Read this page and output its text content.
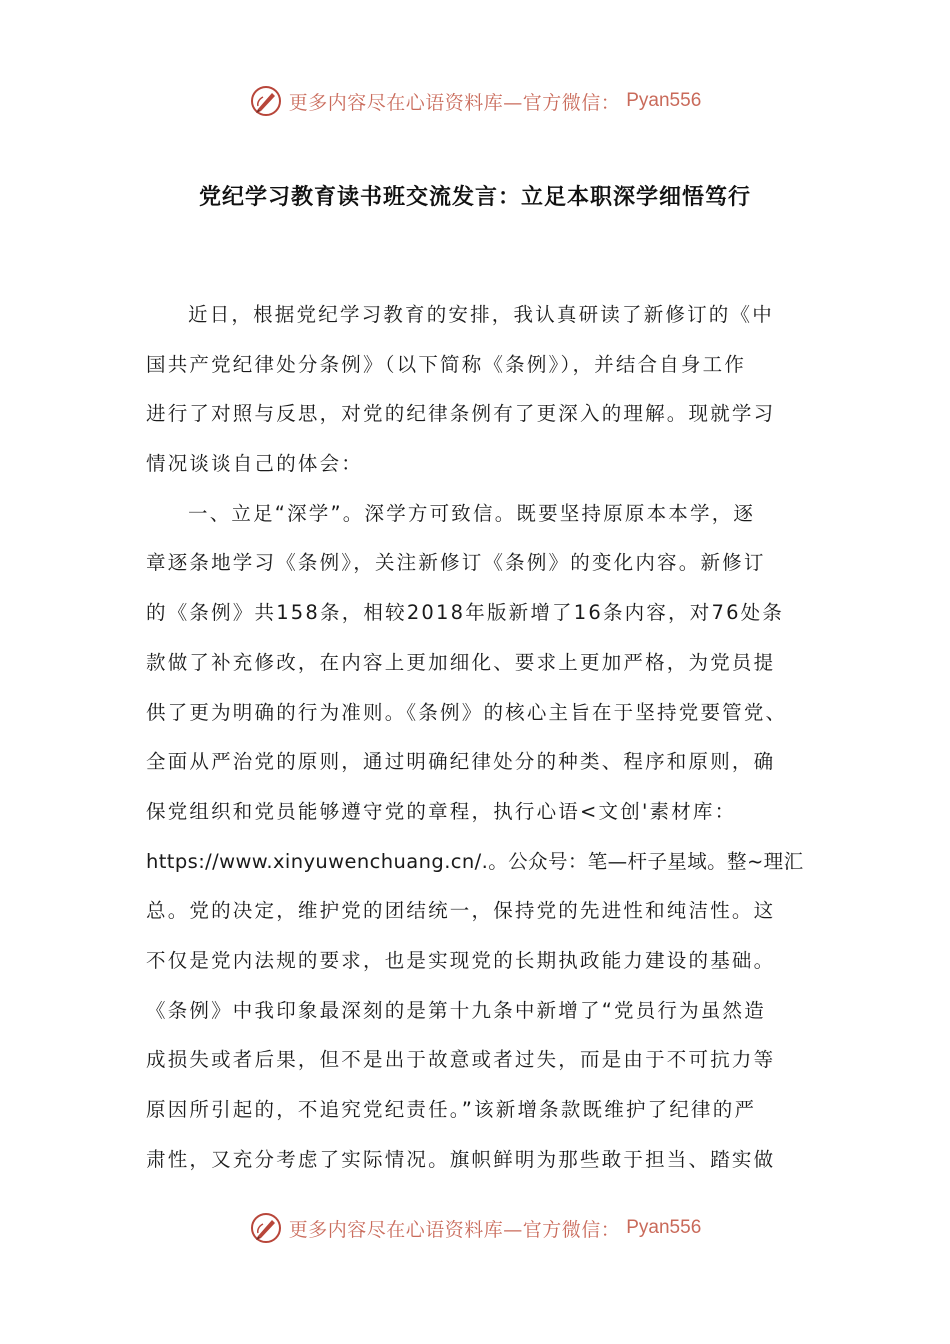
更多内容尽在心语资料库—官方微信： Pyan556
党纪学习教育读书班交流发言：立足本职深学细悟笃行
近日，根据党纪学习教育的安排，我认真研读了新修订的《中
国共产党纪律处分条例》（以下简称《条例》），并结合自身工作
进行了对照与反思，对党的纪律条例有了更深入的理解。现就学习
情况谈谈自己的体会：
一、立足“深学”。深学方可致信。既要坚持原原本本学，逐
章逐条地学习《条例》，关注新修订《条例》的变化内容。新修订
的《条例》共158条，相较2018年版新增了16条内容，对76处条
款做了补充修改，在内容上更加细化、要求上更加严格，为党员提
供了更为明确的行为准则。《条例》的核心主旨在于坚持党要管党、
全面从严治党的原则，通过明确纪律处分的种类、程序和原则，确
保党组织和党员能够遵守党的章程，执行心语<文创'素材库：
https://www.xinyuwenchuang.cn/.。公众号：笔—杆子星域。整~理汇
总。党的决定，维护党的团结统一，保持党的先进性和纯洁性。这
不仅是党内法规的要求，也是实现党的长期执政能力建设的基础。
《条例》中我印象最深刻的是第十九条中新增了“党员行为虽然造
成损失或者后果，但不是出于故意或者过失，而是由于不可抗力等
原因所引起的，不追究党纪责任。”该新增条款既维护了纪律的严
肃性，又充分考虑了实际情况。旗帜鲜明为那些敢于担当、踏实做
更多内容尽在心语资料库—官方微信： Pyan556
